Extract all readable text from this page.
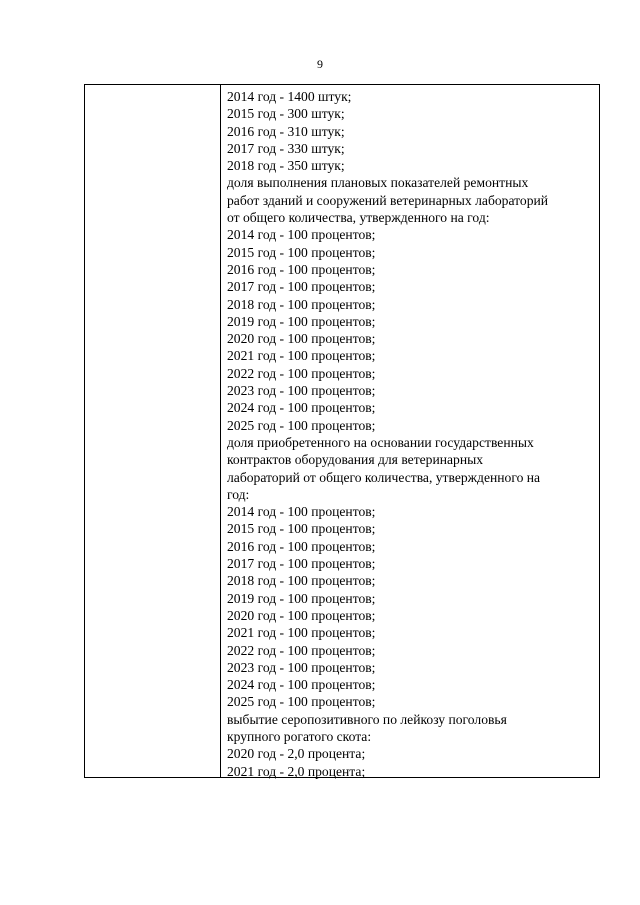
9
2014 год - 1400 штук;
2015 год - 300 штук;
2016 год - 310 штук;
2017 год - 330 штук;
2018 год - 350 штук;
доля выполнения плановых показателей ремонтных
работ зданий и сооружений ветеринарных лабораторий
от общего количества, утвержденного на год:
2014 год - 100 процентов;
2015 год - 100 процентов;
2016 год - 100 процентов;
2017 год - 100 процентов;
2018 год - 100 процентов;
2019 год - 100 процентов;
2020 год - 100 процентов;
2021 год - 100 процентов;
2022 год - 100 процентов;
2023 год - 100 процентов;
2024 год - 100 процентов;
2025 год - 100 процентов;
доля приобретенного на основании государственных
контрактов оборудования для ветеринарных
лабораторий от общего количества, утвержденного на
год:
2014 год - 100 процентов;
2015 год - 100 процентов;
2016 год - 100 процентов;
2017 год - 100 процентов;
2018 год - 100 процентов;
2019 год - 100 процентов;
2020 год - 100 процентов;
2021 год - 100 процентов;
2022 год - 100 процентов;
2023 год - 100 процентов;
2024 год - 100 процентов;
2025 год - 100 процентов;
выбытие серопозитивного по лейкозу поголовья
крупного рогатого скота:
2020 год - 2,0 процента;
2021 год - 2,0 процента;
